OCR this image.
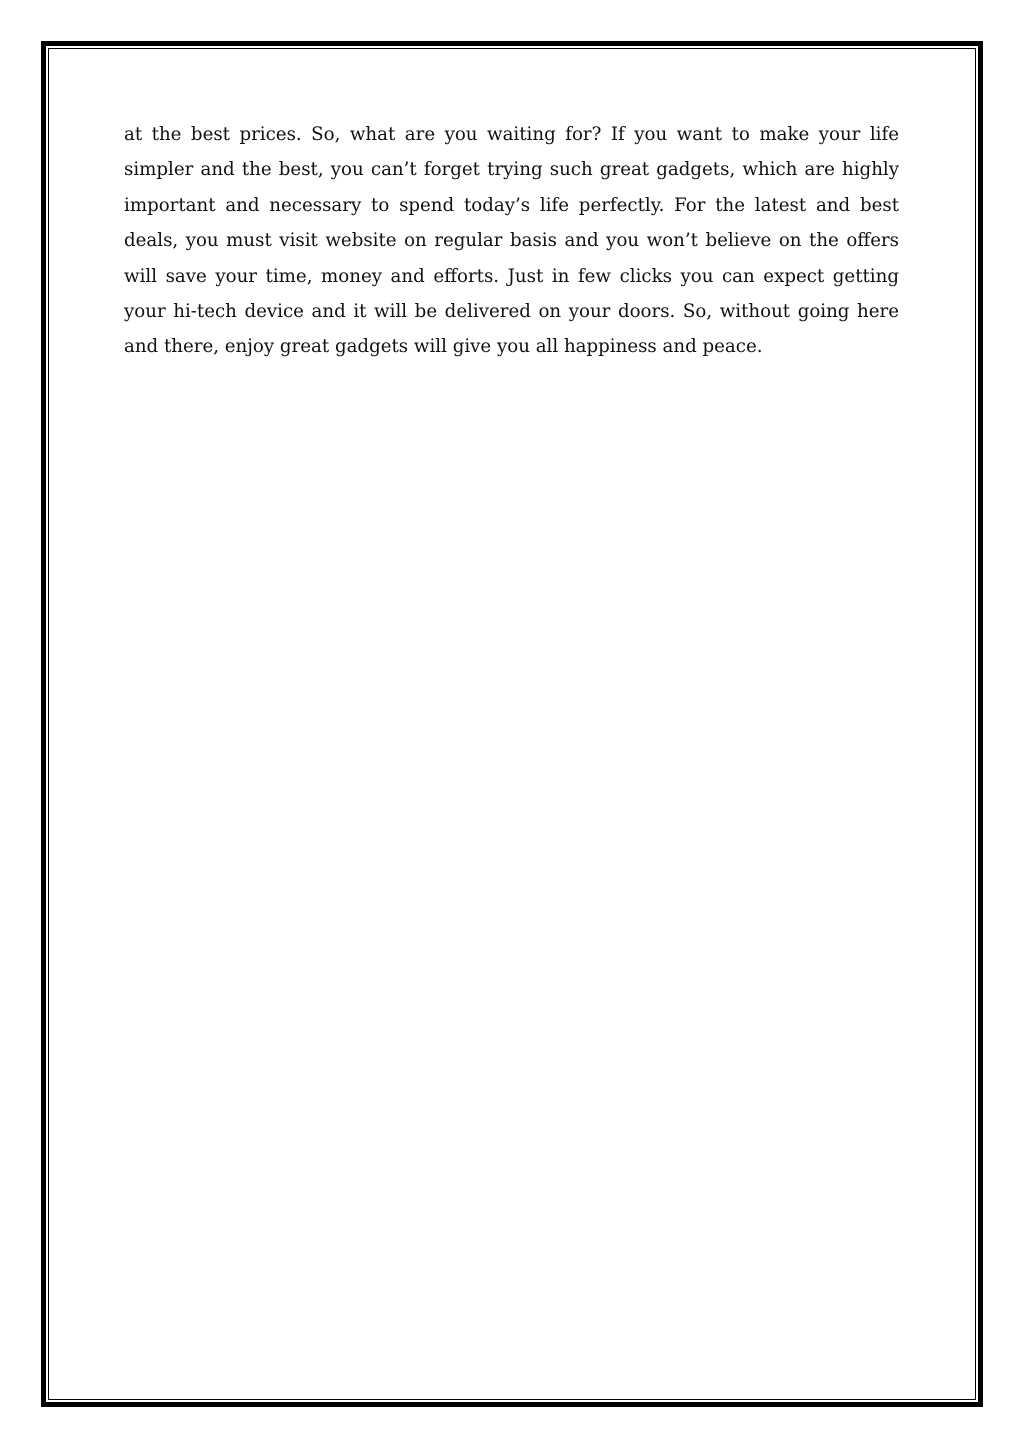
at the best prices. So, what are you waiting for? If you want to make your life simpler and the best, you can’t forget trying such great gadgets, which are highly important and necessary to spend today’s life perfectly. For the latest and best deals, you must visit website on regular basis and you won’t believe on the offers will save your time, money and efforts. Just in few clicks you can expect getting your hi-tech device and it will be delivered on your doors. So, without going here and there, enjoy great gadgets will give you all happiness and peace.
